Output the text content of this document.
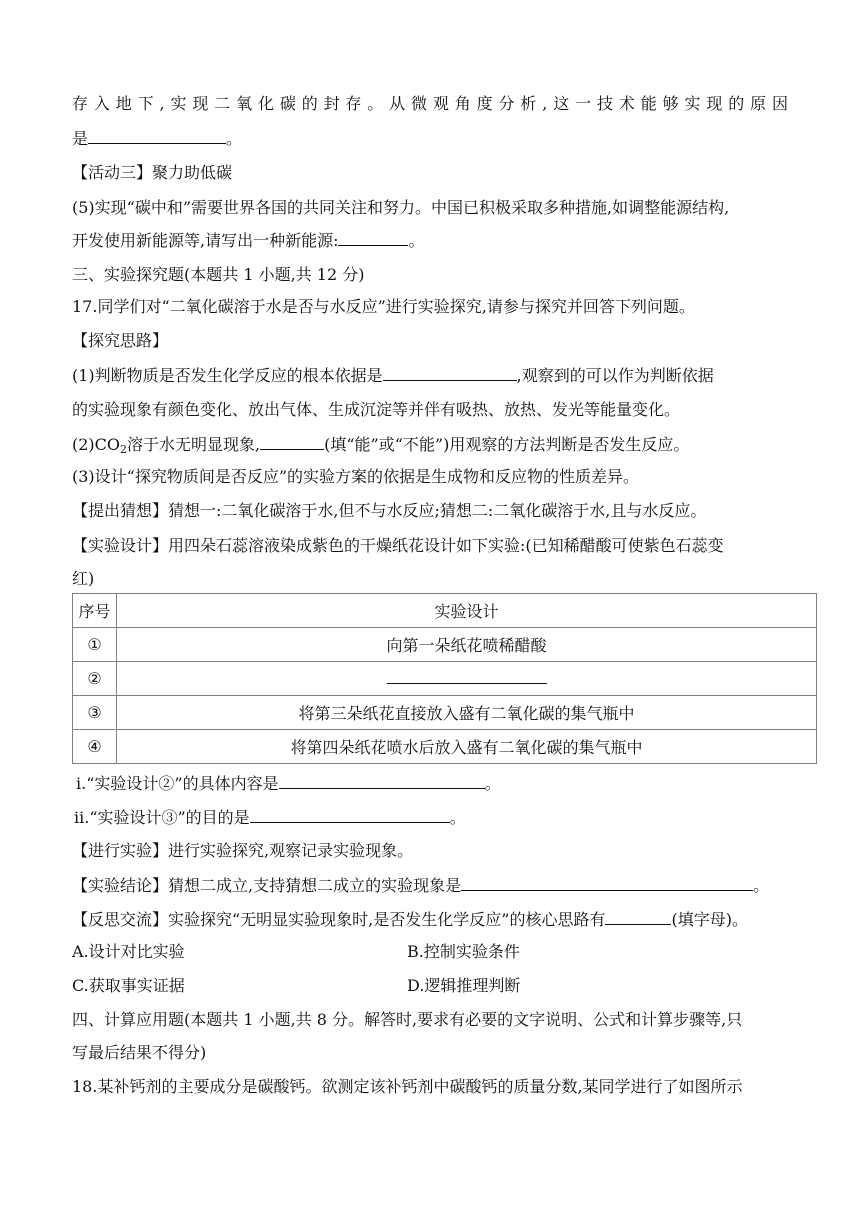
存入地下,实现二氧化碳的封存。从微观角度分析,这一技术能够实现的原因
是	。
【活动三】聚力助低碳
(5)实现“碳中和”需要世界各国的共同关注和努力。中国已积极采取多种措施,如调整能源结构,
开发使用新能源等,请写出一种新能源:	。
三、实验探究题(本题共 1 小题,共 12 分)
17.同学们对“二氧化碳溶于水是否与水反应”进行实验探究,请参与探究并回答下列问题。
【探究思路】
(1)判断物质是否发生化学反应的根本依据是	,观察到的可以作为判断依据
的实验现象有颜色变化、放出气体、生成沉淀等并伴有吸热、放热、发光等能量变化。
$(2)CO_2$溶于水无明显现象,	(填“能”或“不能”)用观察的方法判断是否发生反应。
(3)设计“探究物质间是否反应”的实验方案的依据是生成物和反应物的性质差异。
【提出猜想】猜想一:二氧化碳溶于水,但不与水反应;猜想二:二氧化碳溶于水,且与水反应。
【实验设计】用四朵石蕊溶液染成紫色的干燥纸花设计如下实验:(已知稀醋酸可使紫色石蕊变
红)
序号	实验设计
①	向第一朵纸花喷稀醋酸
②	
③	将第三朵纸花直接放入盛有二氧化碳的集气瓶中
④	将第四朵纸花喷水后放入盛有二氧化碳的集气瓶中
ⅰ.“实验设计②”的具体内容是	。
ⅱ.“实验设计③”的目的是	。
【进行实验】进行实验探究,观察记录实验现象。
【实验结论】猜想二成立,支持猜想二成立的实验现象是	。
【反思交流】实验探究“无明显实验现象时,是否发生化学反应”的核心思路有	(填字母)。
A.设计对比实验	B.控制实验条件
C.获取事实证据	D.逻辑推理判断
四、计算应用题(本题共 1 小题,共 8 分。解答时,要求有必要的文字说明、公式和计算步骤等,只
写最后结果不得分)
18.某补钙剂的主要成分是碳酸钙。欲测定该补钙剂中碳酸钙的质量分数,某同学进行了如图所示
